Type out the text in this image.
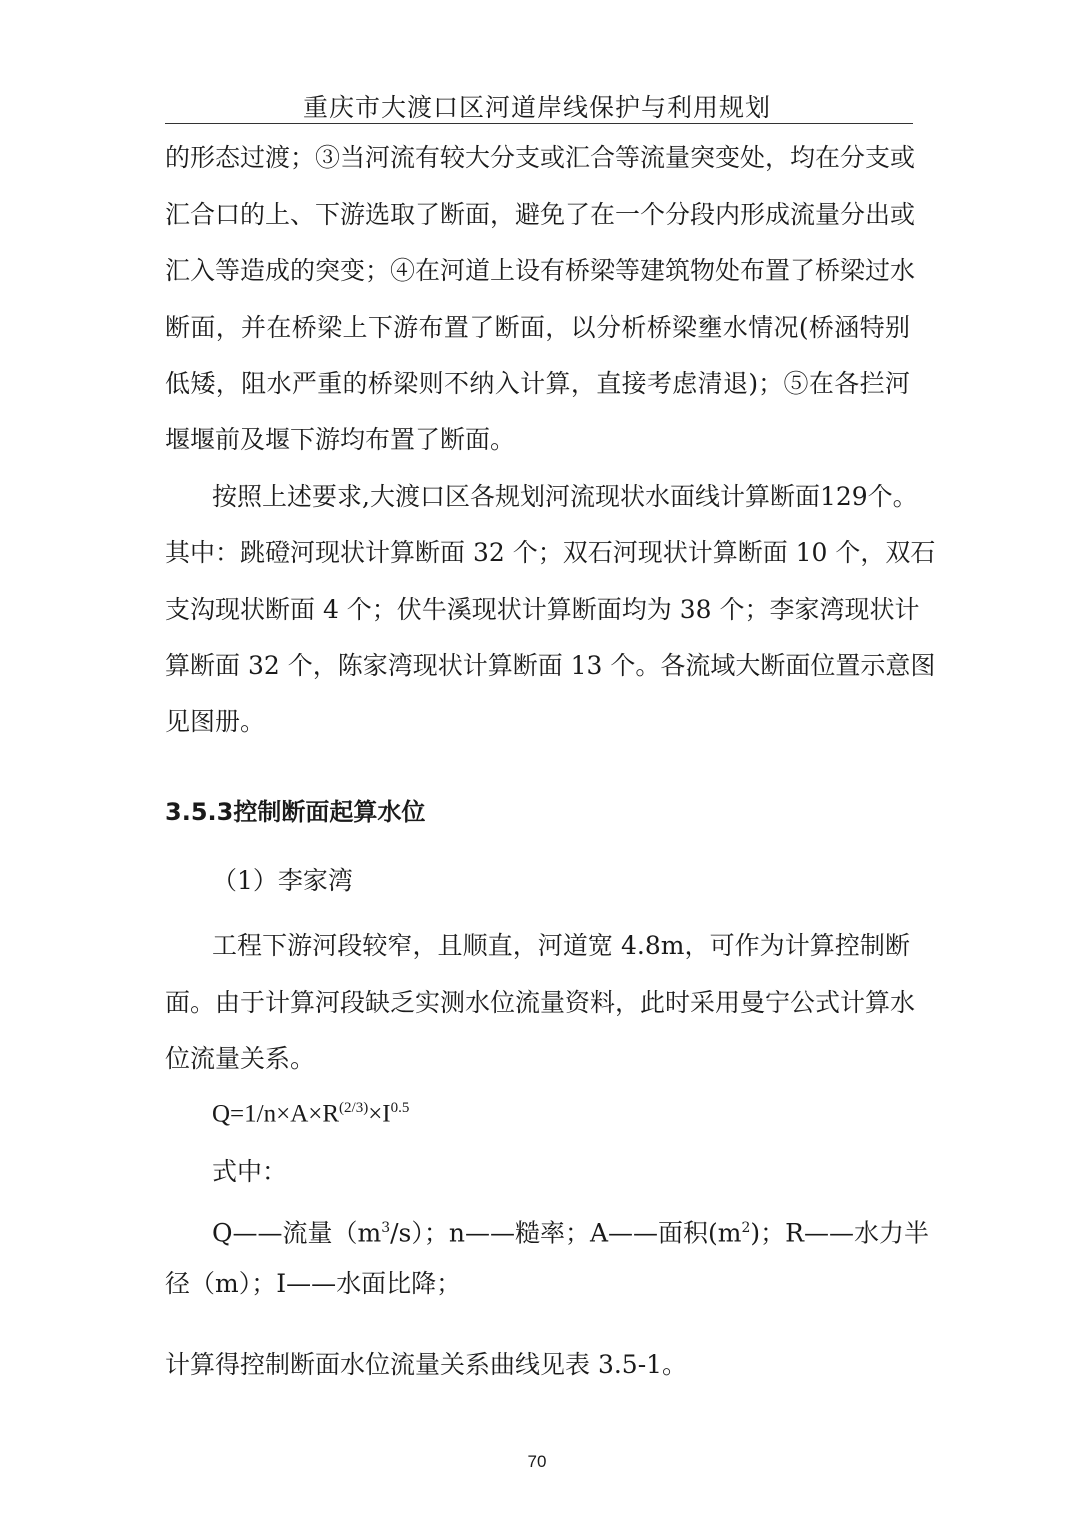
重庆市大渡口区河道岸线保护与利用规划
的形态过渡；③当河流有较大分支或汇合等流量突变处，均在分支或
汇合口的上、下游选取了断面，避免了在一个分段内形成流量分出或
汇入等造成的突变；④在河道上设有桥梁等建筑物处布置了桥梁过水
断面，并在桥梁上下游布置了断面，以分析桥梁壅水情况(桥涵特别
低矮，阻水严重的桥梁则不纳入计算，直接考虑清退)；⑤在各拦河
堰堰前及堰下游均布置了断面。
按照上述要求,大渡口区各规划河流现状水面线计算断面129个。
其中：跳磴河现状计算断面 32 个；双石河现状计算断面 10 个，双石
支沟现状断面 4 个；伏牛溪现状计算断面均为 38 个；李家湾现状计
算断面 32 个，陈家湾现状计算断面 13 个。各流域大断面位置示意图
见图册。
3.5.3控制断面起算水位
（1）李家湾
工程下游河段较窄，且顺直，河道宽 4.8m，可作为计算控制断
面。由于计算河段缺乏实测水位流量资料，此时采用曼宁公式计算水
位流量关系。
$Q=1/n\times A\times R^{(2/3)}\times I^{0.5}$
式中：
Q——流量$(m^3/s)$；n——糙率；A——面积$(m^2)$；R——水力半
径（m）；I——水面比降；
计算得控制断面水位流量关系曲线见表 3.5-1。
70
